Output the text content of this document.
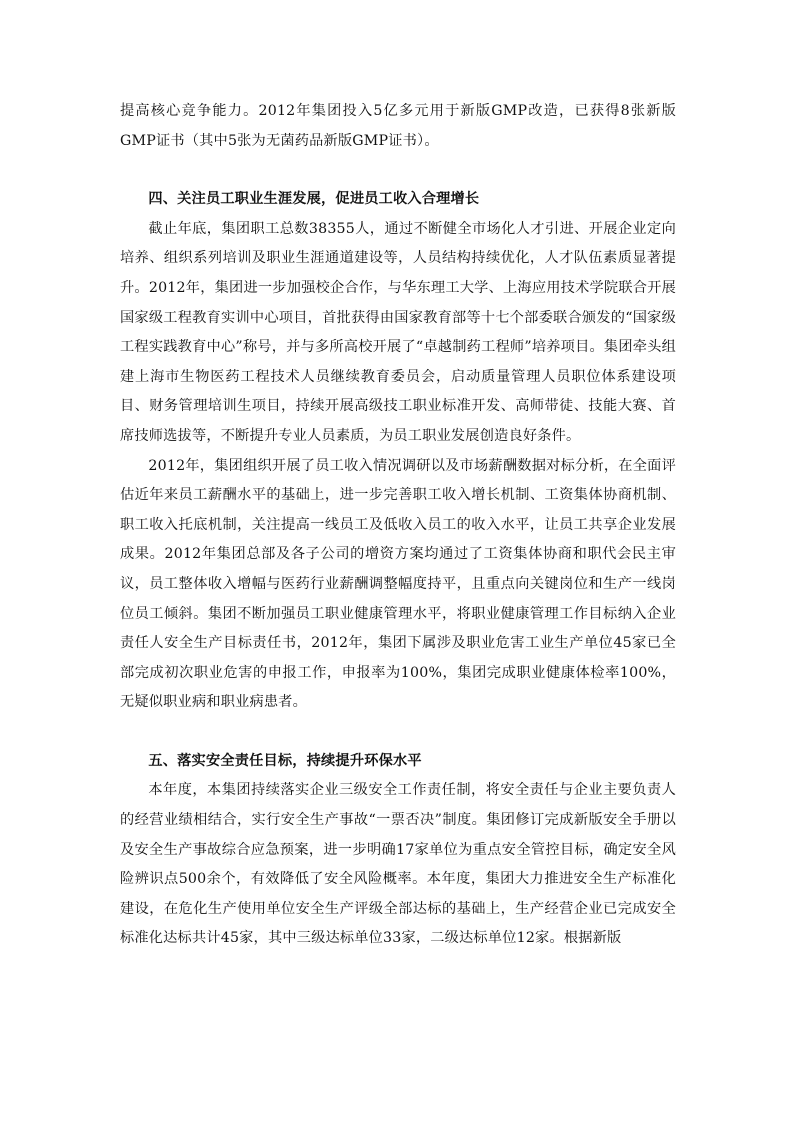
提高核心竞争能力。2012年集团投入5亿多元用于新版GMP改造，已获得8张新版GMP证书（其中5张为无菌药品新版GMP证书）。

四、关注员工职业生涯发展，促进员工收入合理增长

截止年底，集团职工总数38355人，通过不断健全市场化人才引进、开展企业定向培养、组织系列培训及职业生涯通道建设等，人员结构持续优化，人才队伍素质显著提升。2012年，集团进一步加强校企合作，与华东理工大学、上海应用技术学院联合开展国家级工程教育实训中心项目，首批获得由国家教育部等十七个部委联合颁发的“国家级工程实践教育中心”称号，并与多所高校开展了“卓越制药工程师”培养项目。集团牵头组建上海市生物医药工程技术人员继续教育委员会，启动质量管理人员职位体系建设项目、财务管理培训生项目，持续开展高级技工职业标准开发、高师带徒、技能大赛、首席技师选拔等，不断提升专业人员素质，为员工职业发展创造良好条件。

2012年，集团组织开展了员工收入情况调研以及市场薪酬数据对标分析，在全面评估近年来员工薪酬水平的基础上，进一步完善职工收入增长机制、工资集体协商机制、职工收入托底机制，关注提高一线员工及低收入员工的收入水平，让员工共享企业发展成果。2012年集团总部及各子公司的增资方案均通过了工资集体协商和职代会民主审议，员工整体收入增幅与医药行业薪酬调整幅度持平，且重点向关键岗位和生产一线岗位员工倾斜。集团不断加强员工职业健康管理水平，将职业健康管理工作目标纳入企业责任人安全生产目标责任书，2012年，集团下属涉及职业危害工业生产单位45家已全部完成初次职业危害的申报工作，申报率为100%，集团完成职业健康体检率100%，无疑似职业病和职业病患者。

五、落实安全责任目标，持续提升环保水平

本年度，本集团持续落实企业三级安全工作责任制，将安全责任与企业主要负责人的经营业绩相结合，实行安全生产事故“一票否决”制度。集团修订完成新版安全手册以及安全生产事故综合应急预案，进一步明确17家单位为重点安全管控目标，确定安全风险辨识点500余个，有效降低了安全风险概率。本年度，集团大力推进安全生产标准化建设，在危化生产使用单位安全生产评级全部达标的基础上，生产经营企业已完成安全标准化达标共计45家，其中三级达标单位33家，二级达标单位12家。根据新版
